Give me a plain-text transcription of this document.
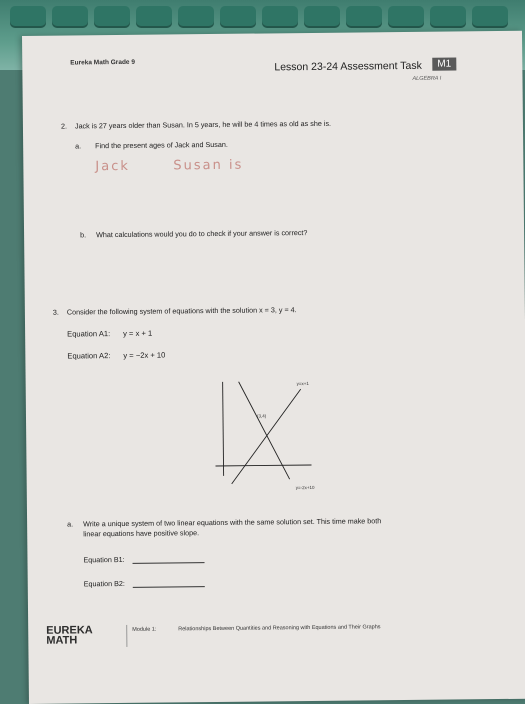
Eureka Math Grade 9	Lesson 23-24 Assessment Task	M1
ALGEBRA I
2. Jack is 27 years older than Susan. In 5 years, he will be 4 times as old as she is.
a. Find the present ages of Jack and Susan.
Jack	Susan is
b. What calculations would you do to check if your answer is correct?
3. Consider the following system of equations with the solution x = 3, y = 4.
Equation A1: y = x + 1
Equation A2: y = −2x + 10
y=x+1
(3,4)
y=-2x+10
a. Write a unique system of two linear equations with the same solution set. This time make both
linear equations have positive slope.
Equation B1:
Equation B2:
EUREKA
MATH
Module 1:	Relationships Between Quantities and Reasoning with Equations and Their Graphs
